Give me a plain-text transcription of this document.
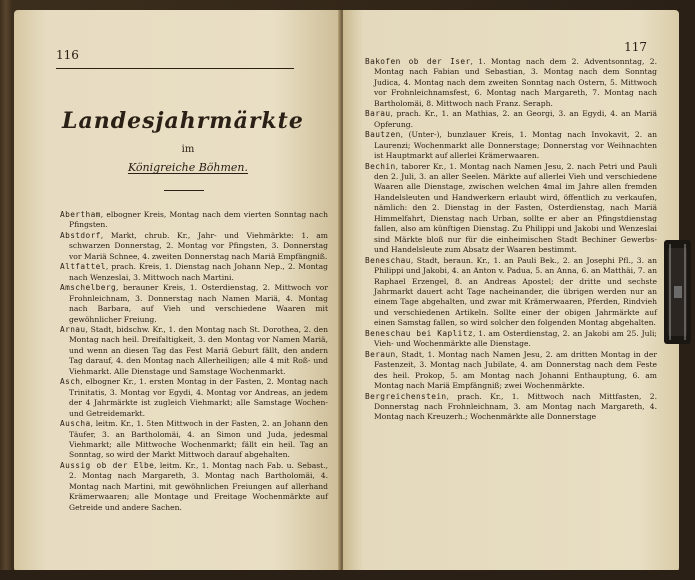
116
Landesjahrmärkte
im
Königreiche Böhmen.
Abertham, elbogner Kreis, Montag nach dem vierten Sonntag nach Pfingsten.
Abstdorf, Markt, chrub. Kr., Jahr- und Viehmärkte: 1. am schwarzen Donnerstag, 2. Montag vor Pfingsten, 3. Donnerstag vor Mariä Schnee, 4. zweiten Donnerstag nach Mariä Empfängniß.
Altfattel, prach. Kreis, 1. Dienstag nach Johann Nep., 2. Montag nach Wenzeslai, 3. Mittwoch nach Martini.
Amschelberg, berauner Kreis, 1. Osterdienstag, 2. Mittwoch vor Frohnleichnam, 3. Donnerstag nach Namen Mariä, 4. Montag nach Barbara, auf Vieh und verschiedene Waaren mit gewöhnlicher Freiung.
Arnau, Stadt, bidschw. Kr., 1. den Montag nach St. Dorothea, 2. den Montag nach heil. Dreifaltigkeit, 3. den Montag vor Namen Mariä, und wenn an diesen Tag das Fest Mariä Geburt fällt, den andern Tag darauf, 4. den Montag nach Allerheiligen; alle 4 mit Roß- und Viehmarkt. Alle Dienstage und Samstage Wochenmarkt.
Asch, elbogner Kr., 1. ersten Montag in der Fasten, 2. Montag nach Trinitatis, 3. Montag vor Egydi, 4. Montag vor Andreas, an jedem der 4 Jahrmärkte ist zugleich Viehmarkt; alle Samstage Wochen- und Getreidemarkt.
Auscha, leitm. Kr., 1. 5ten Mittwoch in der Fasten, 2. an Johann den Täufer, 3. an Bartholomäi, 4. an Simon und Juda, jedesmal Viehmarkt; alle Mittwoche Wochenmarkt; fällt ein heil. Tag an Sonntag, so wird der Markt Mittwoch darauf abgehalten.
Aussig ob der Elbe, leitm. Kr., 1. Montag nach Fab. u. Sebast., 2. Montag nach Margareth, 3. Montag nach Bartholomäi, 4. Montag nach Martini, mit gewöhnlichen Freiungen auf allerhand Krämerwaaren; alle Montage und Freitage Wochenmärkte auf Getreide und andere Sachen.
117
Bakofen ob der Iser, 1. Montag nach dem 2. Adventsonntag, 2. Montag nach Fabian und Sebastian, 3. Montag nach dem Sonntag Judica, 4. Montag nach dem zweiten Sonntag nach Ostern, 5. Mittwoch vor Frohnleichnamsfest, 6. Montag nach Margareth, 7. Montag nach Bartholomäi, 8. Mittwoch nach Franz. Seraph.
Barau, prach. Kr., 1. an Mathias, 2. an Georgi, 3. an Egydi, 4. an Mariä Opferung.
Bautzen, (Unter-), bunzlauer Kreis, 1. Montag nach Invokavit, 2. an Laurenzi; Wochenmarkt alle Donnerstage; Donnerstag vor Weihnachten ist Hauptmarkt auf allerlei Krämerwaaren.
Bechin, taborer Kr., 1. Montag nach Namen Jesu, 2. nach Petri und Pauli den 2. Juli, 3. an aller Seelen. Märkte auf allerlei Vieh und verschiedene Waaren alle Dienstage, zwischen welchen 4mal im Jahre allen fremden Handelsleuten und Handwerkern erlaubt wird, öffentlich zu verkaufen, nämlich: den 2. Dienstag in der Fasten, Osterdienstag, nach Mariä Himmelfahrt, Dienstag nach Urban, sollte er aber an Pfingstdienstag fallen, also am künftigen Dienstag. Zu Philippi und Jakobi und Wenzeslai sind Märkte bloß nur für die einheimischen Stadt Bechiner Gewerbs- und Handelsleute zum Absatz der Waaren bestimmt.
Beneschau, Stadt, beraun. Kr., 1. an Pauli Bek., 2. an Josephi Pfl., 3. an Philippi und Jakobi, 4. an Anton v. Padua, 5. an Anna, 6. an Matthäi, 7. an Raphael Erzengel, 8. an Andreas Apostel; der dritte und sechste Jahrmarkt dauert acht Tage nacheinander, die übrigen werden nur an einem Tage abgehalten, und zwar mit Krämerwaaren, Pferden, Rindvieh und verschiedenen Artikeln. Sollte einer der obigen Jahrmärkte auf einen Samstag fallen, so wird solcher den folgenden Montag abgehalten.
Beneschau bei Kaplitz, 1. am Osterdienstag, 2. an Jakobi am 25. Juli; Vieh- und Wochenmärkte alle Dienstage.
Beraun, Stadt, 1. Montag nach Namen Jesu, 2. am dritten Montag in der Fastenzeit, 3. Montag nach Jubilate, 4. am Donnerstag nach dem Feste des heil. Prokop, 5. am Montag nach Johanni Enthauptung, 6. am Montag nach Mariä Empfängniß; zwei Wochenmärkte.
Bergreichenstein, prach. Kr., 1. Mittwoch nach Mittfasten, 2. Donnerstag nach Frohnleichnam, 3. am Montag nach Margareth, 4. Montag nach Kreuzerh.; Wochenmärkte alle Donnerstage
